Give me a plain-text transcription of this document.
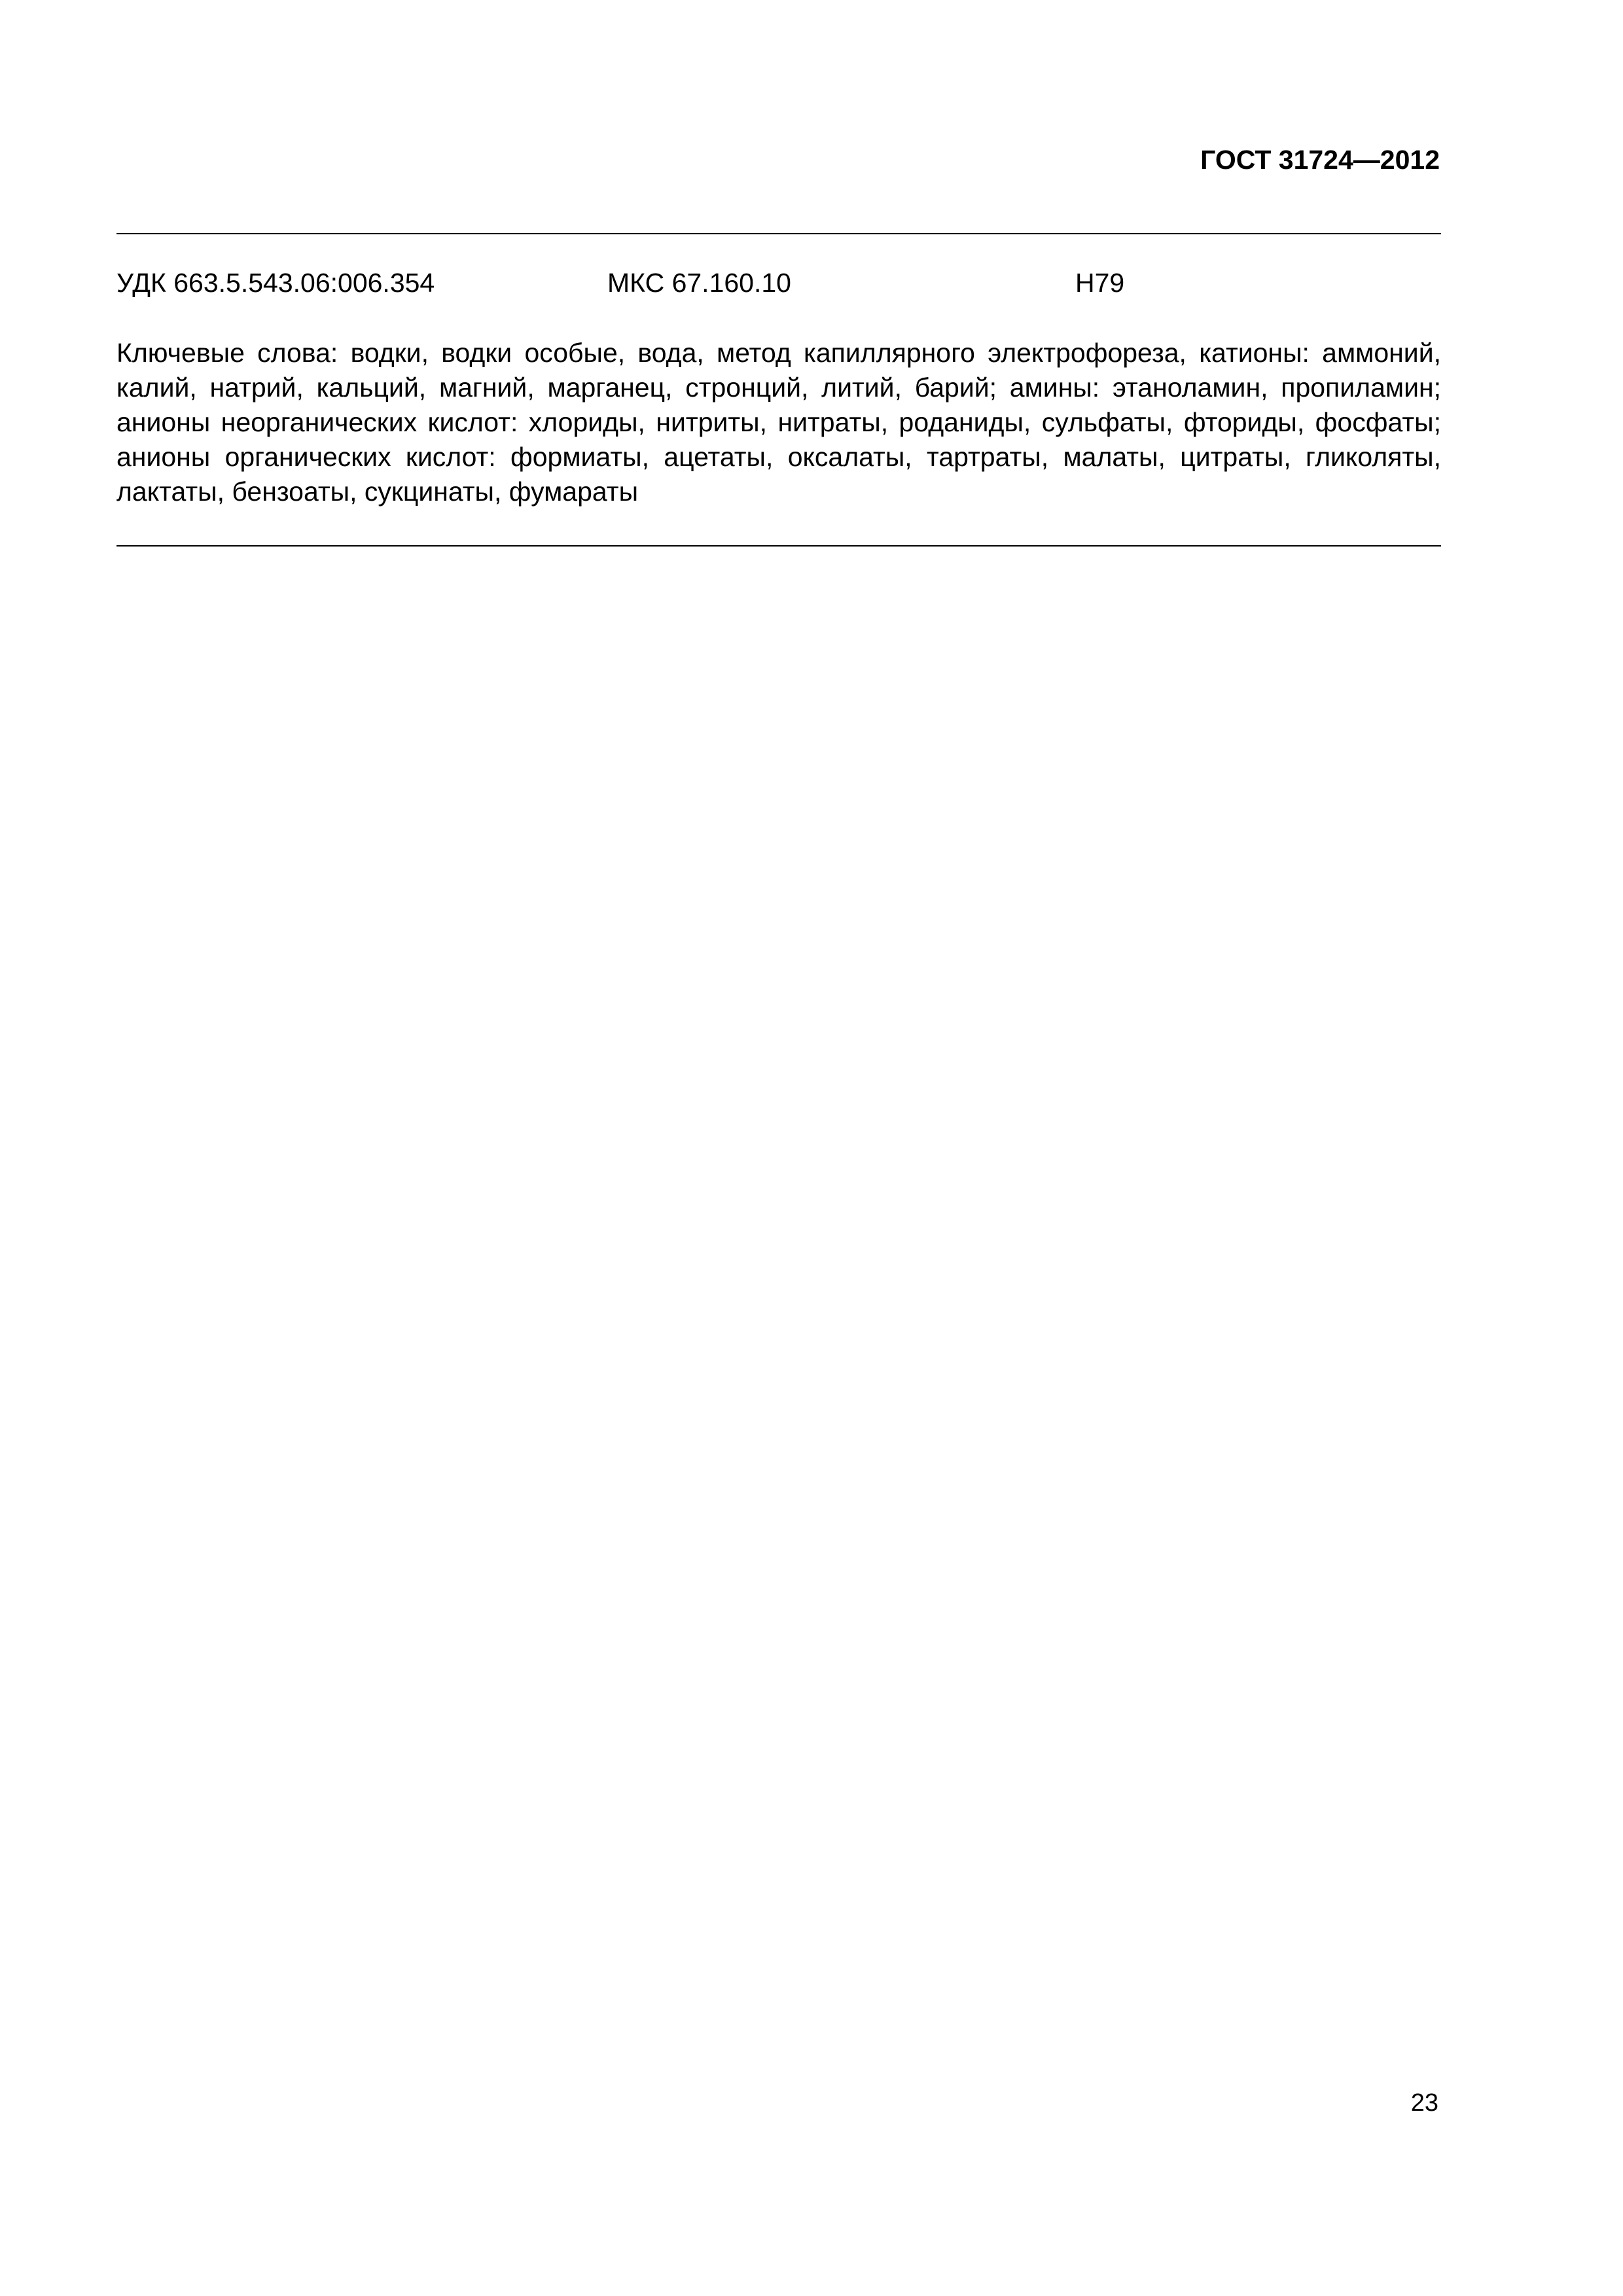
ГОСТ 31724—2012
УДК 663.5.543.06:006.354	МКС 67.160.10	Н79

Ключевые слова: водки, водки особые, вода, метод капиллярного электрофореза, катионы: аммоний, калий, натрий, кальций, магний, марганец, стронций, литий, барий; амины: этаноламин, пропиламин; анионы неорганических кислот: хлориды, нитриты, нитраты, роданиды, сульфаты, фториды, фосфаты; анионы органических кислот: формиаты, ацетаты, оксалаты, тартраты, малаты, цитраты, гликоляты, лактаты, бензоаты, сукцинаты, фумараты

23
